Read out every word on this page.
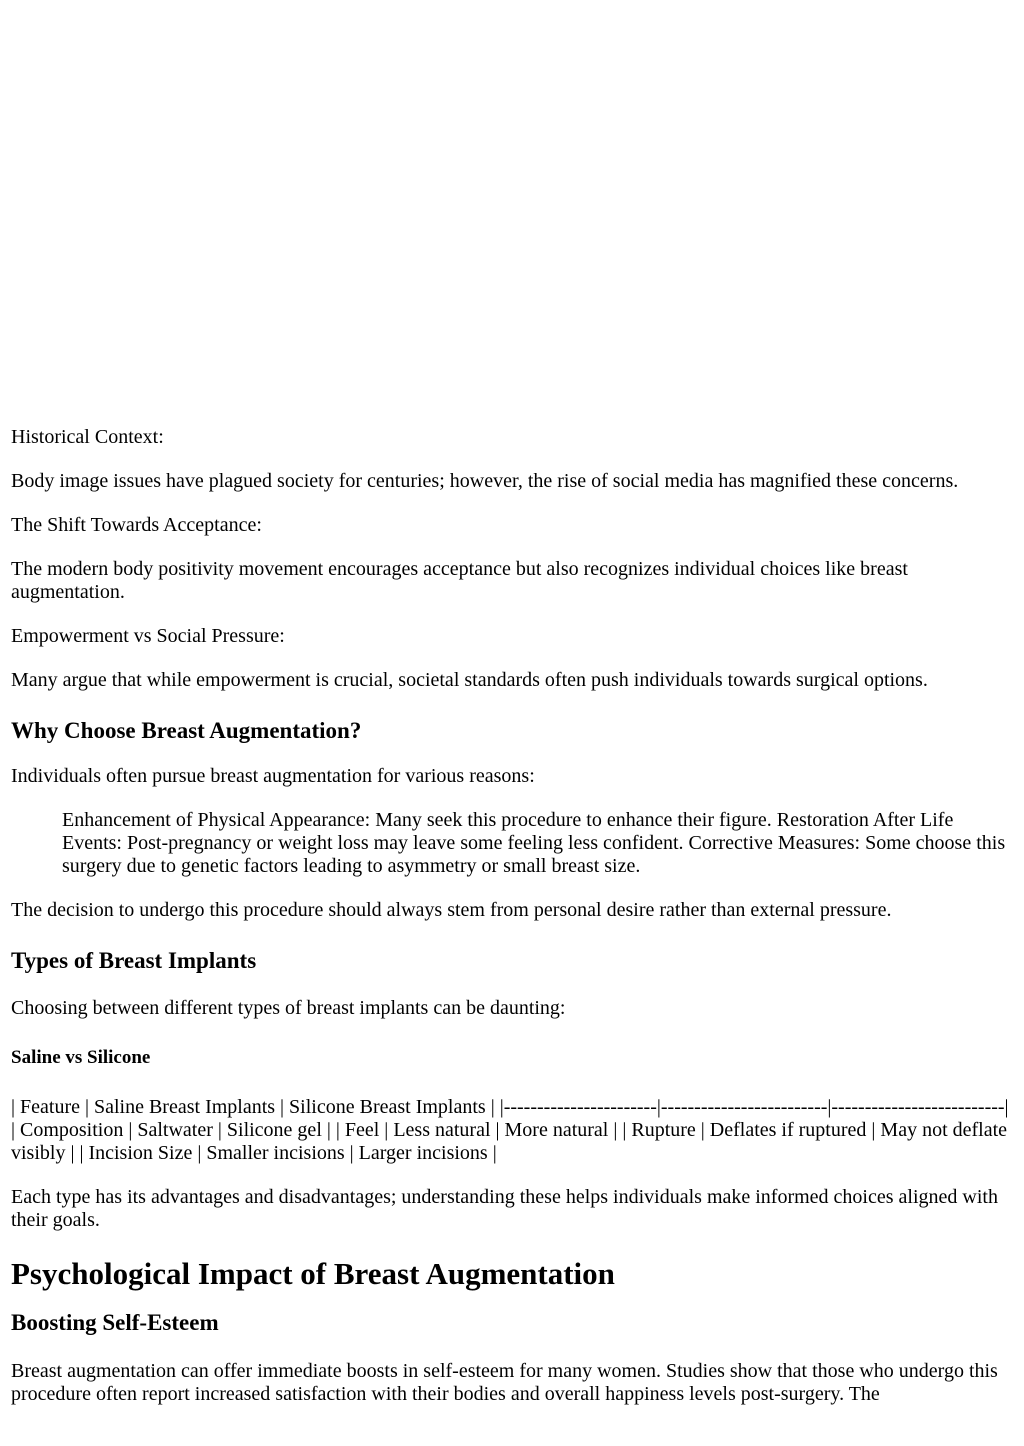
Historical Context:

Body image issues have plagued society for centuries; however, the rise of social media has magnified these concerns.

The Shift Towards Acceptance:

The modern body positivity movement encourages acceptance but also recognizes individual choices like breast augmentation.

Empowerment vs Social Pressure:

Many argue that while empowerment is crucial, societal standards often push individuals towards surgical options.

Why Choose Breast Augmentation?

Individuals often pursue breast augmentation for various reasons:

Enhancement of Physical Appearance: Many seek this procedure to enhance their figure. Restoration After Life Events: Post-pregnancy or weight loss may leave some feeling less confident. Corrective Measures: Some choose this surgery due to genetic factors leading to asymmetry or small breast size.

The decision to undergo this procedure should always stem from personal desire rather than external pressure.

Types of Breast Implants

Choosing between different types of breast implants can be daunting:

Saline vs Silicone

| Feature | Saline Breast Implants | Silicone Breast Implants | |-----------------------|-------------------------|--------------------------| | Composition | Saltwater | Silicone gel | | Feel | Less natural | More natural | | Rupture | Deflates if ruptured | May not deflate visibly | | Incision Size | Smaller incisions | Larger incisions |

Each type has its advantages and disadvantages; understanding these helps individuals make informed choices aligned with their goals.

Psychological Impact of Breast Augmentation
Boosting Self-Esteem

Breast augmentation can offer immediate boosts in self-esteem for many women. Studies show that those who undergo this procedure often report increased satisfaction with their bodies and overall happiness levels post-surgery. The
